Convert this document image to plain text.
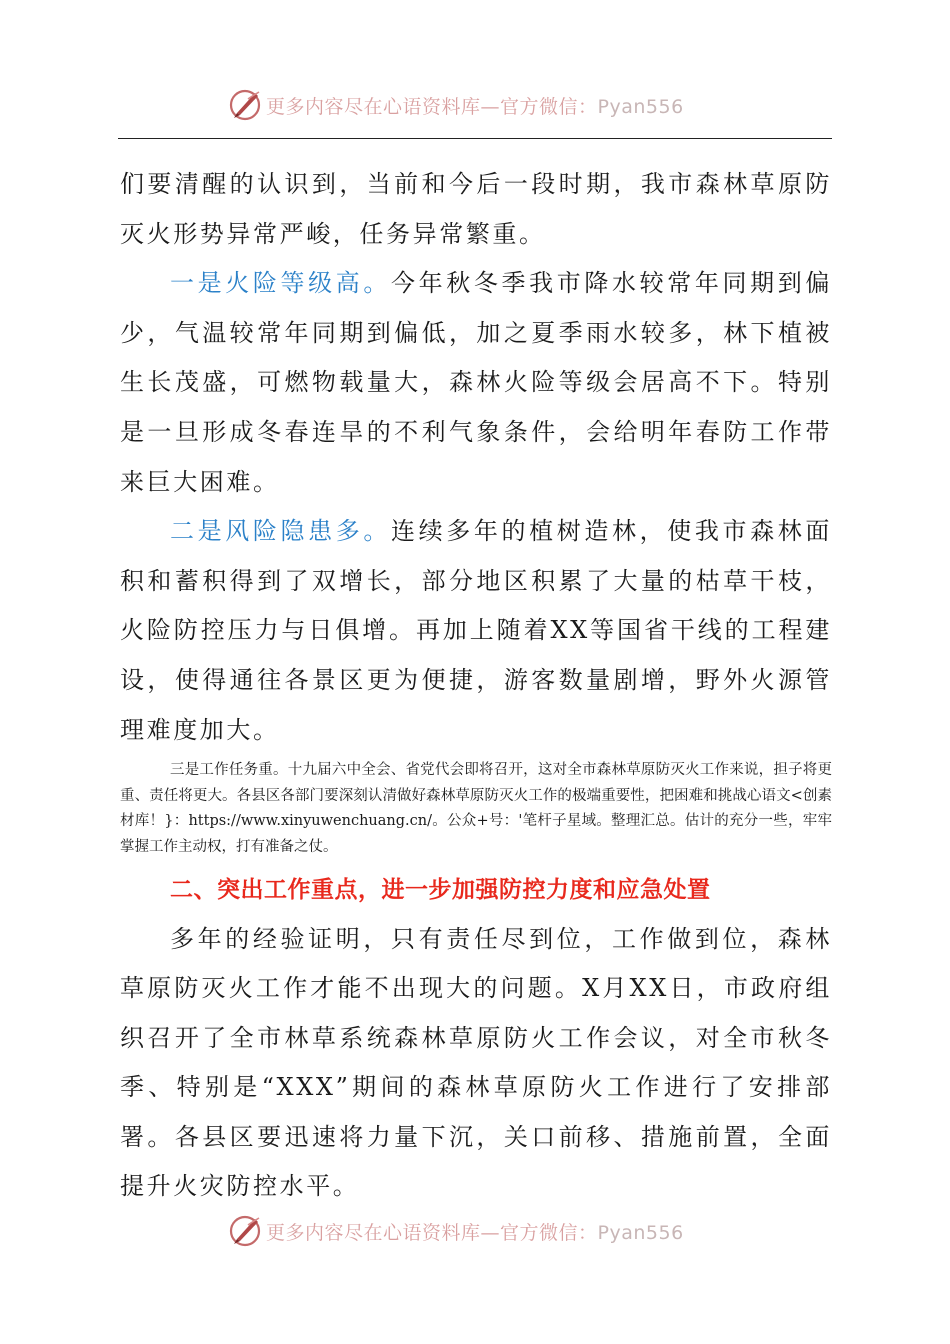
更多内容尽在心语资料库—官方微信：Pyan556

们要清醒的认识到，当前和今后一段时期，我市森林草原防灭火形势异常严峻，任务异常繁重。

一是火险等级高。今年秋冬季我市降水较常年同期到偏少，气温较常年同期到偏低，加之夏季雨水较多，林下植被生长茂盛，可燃物载量大，森林火险等级会居高不下。特别是一旦形成冬春连旱的不利气象条件，会给明年春防工作带来巨大困难。

二是风险隐患多。连续多年的植树造林，使我市森林面积和蓄积得到了双增长，部分地区积累了大量的枯草干枝，火险防控压力与日俱增。再加上随着XX等国省干线的工程建设，使得通往各景区更为便捷，游客数量剧增，野外火源管理难度加大。

三是工作任务重。十九届六中全会、省党代会即将召开，这对全市森林草原防灭火工作来说，担子将更重、责任将更大。各县区各部门要深刻认清做好森林草原防灭火工作的极端重要性，把困难和挑战心语文<创素材库！}：https://www.xinyuwenchuang.cn/。公众+号：'笔杆子星域。整理汇总。估计的充分一些，牢牢掌握工作主动权，打有准备之仗。

二、突出工作重点，进一步加强防控力度和应急处置

多年的经验证明，只有责任尽到位，工作做到位，森林草原防灭火工作才能不出现大的问题。X月XX日，市政府组织召开了全市林草系统森林草原防火工作会议，对全市秋冬季、特别是“XXX”期间的森林草原防火工作进行了安排部署。各县区要迅速将力量下沉，关口前移、措施前置，全面提升火灾防控水平。

更多内容尽在心语资料库—官方微信：Pyan556
